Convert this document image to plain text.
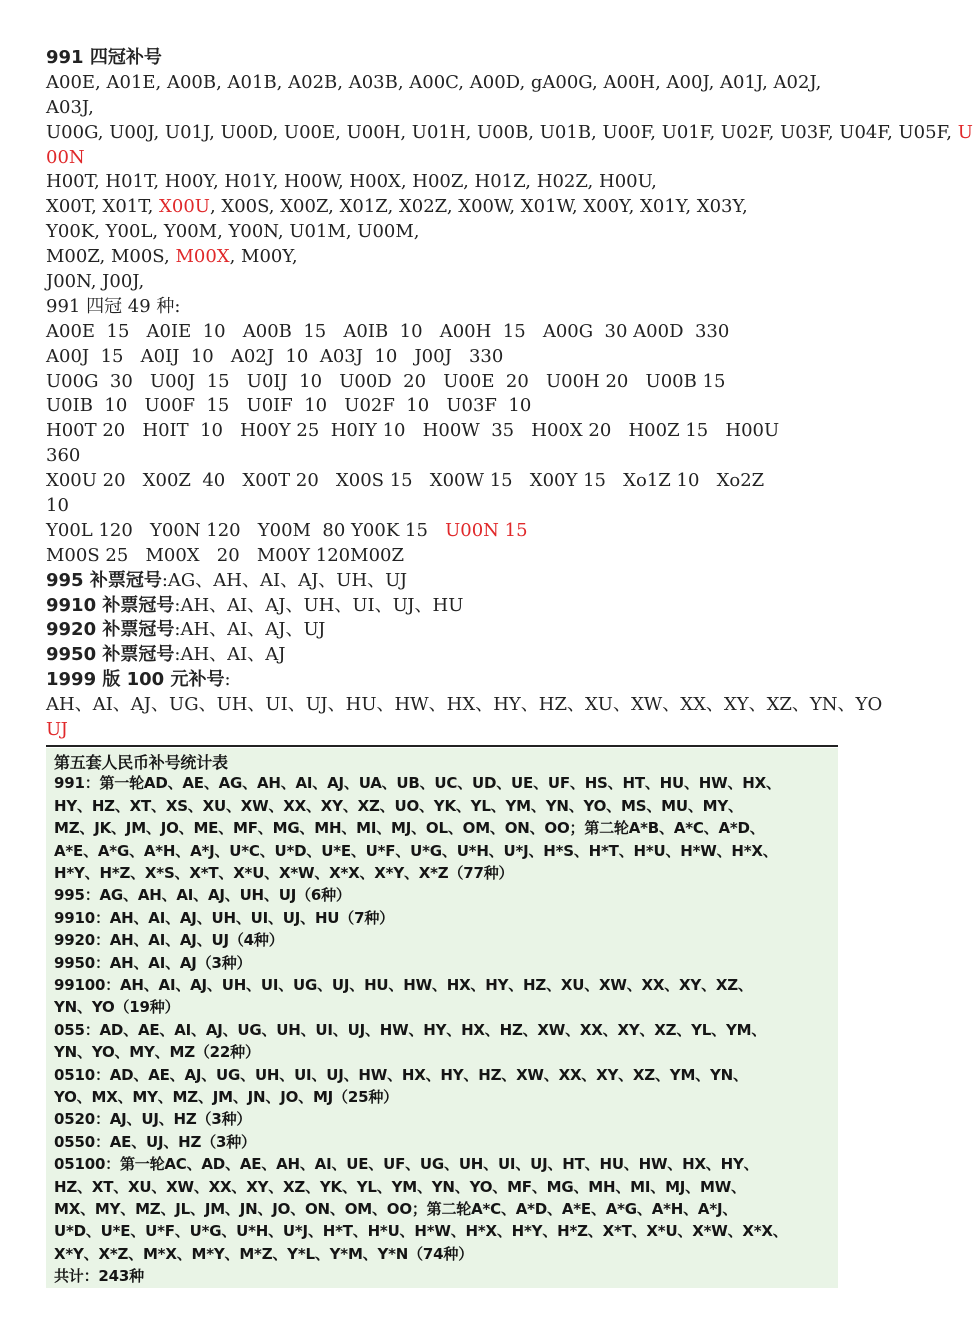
991 四冠补号
A00E, A01E, A00B, A01B, A02B, A03B, A00C, A00D, gA00G, A00H, A00J, A01J, A02J,
A03J,
U00G, U00J, U01J, U00D, U00E, U00H, U01H, U00B, U01B, U00F, U01F, U02F, U03F, U04F, U05F, U
00N
H00T, H01T, H00Y, H01Y, H00W, H00X, H00Z, H01Z, H02Z, H00U,
X00T, X01T, X00U, X00S, X00Z, X01Z, X02Z, X00W, X01W, X00Y, X01Y, X03Y,
Y00K, Y00L, Y00M, Y00N, U01M, U00M,
M00Z, M00S, M00X, M00Y,
J00N, J00J,
991 四冠 49 种:
A00E  15   A0IE  10   A00B  15   A0IB  10   A00H  15   A00G  30 A00D  330
A00J  15   A0IJ  10   A02J  10  A03J  10   J00J   330
U00G  30   U00J  15   U0IJ  10   U00D  20   U00E  20   U00H 20   U00B 15
U0IB  10   U00F  15   U0IF  10   U02F  10   U03F  10
H00T 20   H0IT  10   H00Y 25  H0IY 10   H00W  35   H00X 20   H00Z 15   H00U
360
X00U 20   X00Z  40   X00T 20   X00S 15   X00W 15   X00Y 15   Xo1Z 10   Xo2Z
10
Y00L 120   Y00N 120   Y00M  80 Y00K 15   U00N 15
M00S 25   M00X   20   M00Y 120M00Z
995 补票冠号:AG、AH、AI、AJ、UH、UJ
9910 补票冠号:AH、AI、AJ、UH、UI、UJ、HU
9920 补票冠号:AH、AI、AJ、UJ
9950 补票冠号:AH、AI、AJ
1999 版 100 元补号:
AH、AI、AJ、UG、UH、UI、UJ、HU、HW、HX、HY、HZ、XU、XW、XX、XY、XZ、YN、YO
UJ
第五套人民币补号统计表
991：第一轮AD、AE、AG、AH、AI、AJ、UA、UB、UC、UD、UE、UF、HS、HT、HU、HW、HX、
HY、HZ、XT、XS、XU、XW、XX、XY、XZ、UO、YK、YL、YM、YN、YO、MS、MU、MY、
MZ、JK、JM、JO、ME、MF、MG、MH、MI、MJ、OL、OM、ON、OO；第二轮A*B、A*C、A*D、
A*E、A*G、A*H、A*J、U*C、U*D、U*E、U*F、U*G、U*H、U*J、H*S、H*T、H*U、H*W、H*X、
H*Y、H*Z、X*S、X*T、X*U、X*W、X*X、X*Y、X*Z（77种）
995：AG、AH、AI、AJ、UH、UJ（6种）
9910：AH、AI、AJ、UH、UI、UJ、HU（7种）
9920：AH、AI、AJ、UJ（4种）
9950：AH、AI、AJ（3种）
99100：AH、AI、AJ、UH、UI、UG、UJ、HU、HW、HX、HY、HZ、XU、XW、XX、XY、XZ、
YN、YO（19种）
055：AD、AE、AI、AJ、UG、UH、UI、UJ、HW、HY、HX、HZ、XW、XX、XY、XZ、YL、YM、
YN、YO、MY、MZ（22种）
0510：AD、AE、AJ、UG、UH、UI、UJ、HW、HX、HY、HZ、XW、XX、XY、XZ、YM、YN、
YO、MX、MY、MZ、JM、JN、JO、MJ（25种）
0520：AJ、UJ、HZ（3种）
0550：AE、UJ、HZ（3种）
05100：第一轮AC、AD、AE、AH、AI、UE、UF、UG、UH、UI、UJ、HT、HU、HW、HX、HY、
HZ、XT、XU、XW、XX、XY、XZ、YK、YL、YM、YN、YO、MF、MG、MH、MI、MJ、MW、
MX、MY、MZ、JL、JM、JN、JO、ON、OM、OO；第二轮A*C、A*D、A*E、A*G、A*H、A*J、
U*D、U*E、U*F、U*G、U*H、U*J、H*T、H*U、H*W、H*X、H*Y、H*Z、X*T、X*U、X*W、X*X、
X*Y、X*Z、M*X、M*Y、M*Z、Y*L、Y*M、Y*N（74种）
共计：243种
